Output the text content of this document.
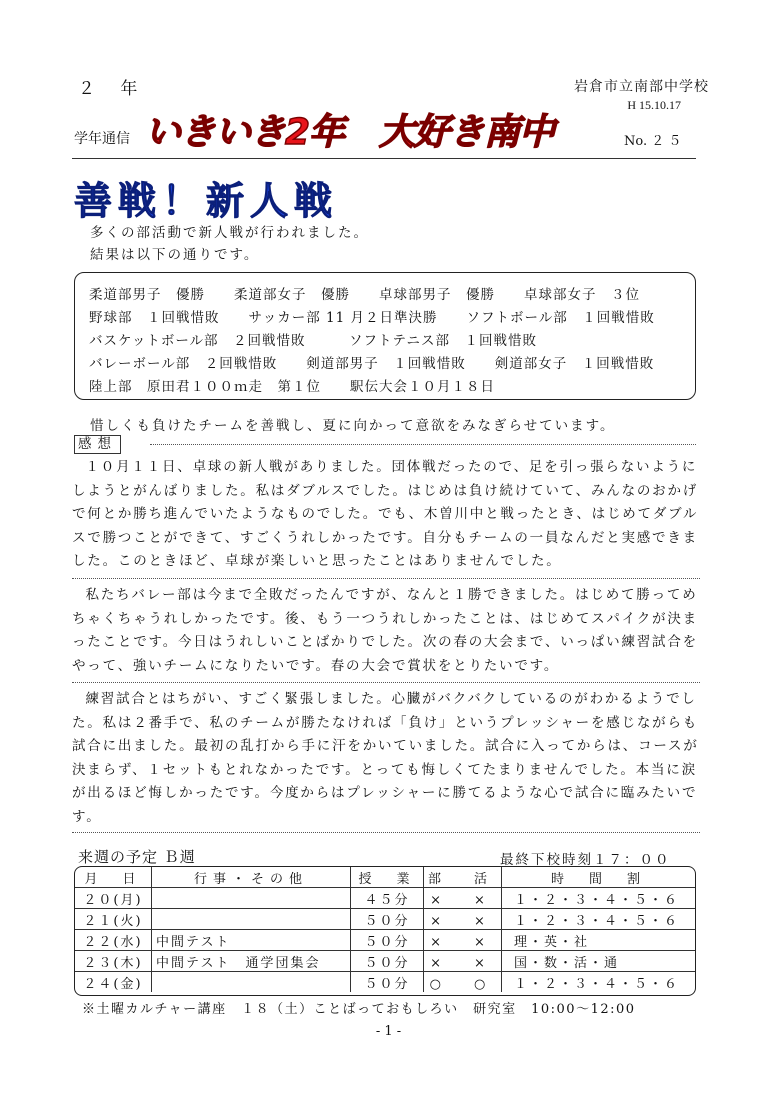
２ 年	岩倉市立南部中学校
H 15.10.17
学年通信 いきいき2年　大好き南中	No. ２ ５
善戦！新人戦
多くの部活動で新人戦が行われました。
結果は以下の通りです。
柔道部男子　優勝　　柔道部女子　優勝　　卓球部男子　優勝　　卓球部女子　３位
野球部　１回戦惜敗　　サッカー部 11 月２日準決勝　　ソフトボール部　１回戦惜敗
バスケットボール部　２回戦惜敗　　　ソフトテニス部　１回戦惜敗
バレーボール部　２回戦惜敗　　剣道部男子　１回戦惜敗　　剣道部女子　１回戦惜敗
陸上部　原田君１００ｍ走　第１位　　駅伝大会１０月１８日
惜しくも負けたチームを善戦し、夏に向かって意欲をみなぎらせています。
感想

１０月１１日、卓球の新人戦がありました。団体戦だったので、足を引っ張らないようにしようとがんばりました。私はダブルスでした。はじめは負け続けていて、みんなのおかげで何とか勝ち進んでいたようなものでした。でも、木曽川中と戦ったとき、はじめてダブルスで勝つことができて、すごくうれしかったです。自分もチームの一員なんだと実感できました。このときほど、卓球が楽しいと思ったことはありませんでした。

私たちバレー部は今まで全敗だったんですが、なんと１勝できました。はじめて勝ってめちゃくちゃうれしかったです。後、もう一つうれしかったことは、はじめてスパイクが決まったことです。今日はうれしいことばかりでした。次の春の大会まで、いっぱい練習試合をやって、強いチームになりたいです。春の大会で賞状をとりたいです。

練習試合とはちがい、すごく緊張しました。心臓がバクバクしているのがわかるようでした。私は２番手で、私のチームが勝たなければ「負け」というプレッシャーを感じながらも試合に出ました。最初の乱打から手に汗をかいていました。試合に入ってからは、コースが決まらず、１セットもとれなかったです。とっても悔しくてたまりませんでした。本当に涙が出るほど悔しかったです。今度からはプレッシャーに勝てるような心で試合に臨みたいです。

来週の予定 Ｂ週	最終下校時刻１７：００
月　日	行事・その他	授　業	部　活	時　間　割
２０(月)		４５分	×　×	１・２・３・４・５・６
２１(火)		５０分	×　×	１・２・３・４・５・６
２２(水)	中間テスト	５０分	×　×	理・英・社
２３(木)	中間テスト　通学団集会	５０分	×　×	国・数・活・通
２４(金)		５０分	○　○	１・２・３・４・５・６
※土曜カルチャー講座　１８（土）ことばっておもしろい　研究室　10:00～12:00
- 1 -
